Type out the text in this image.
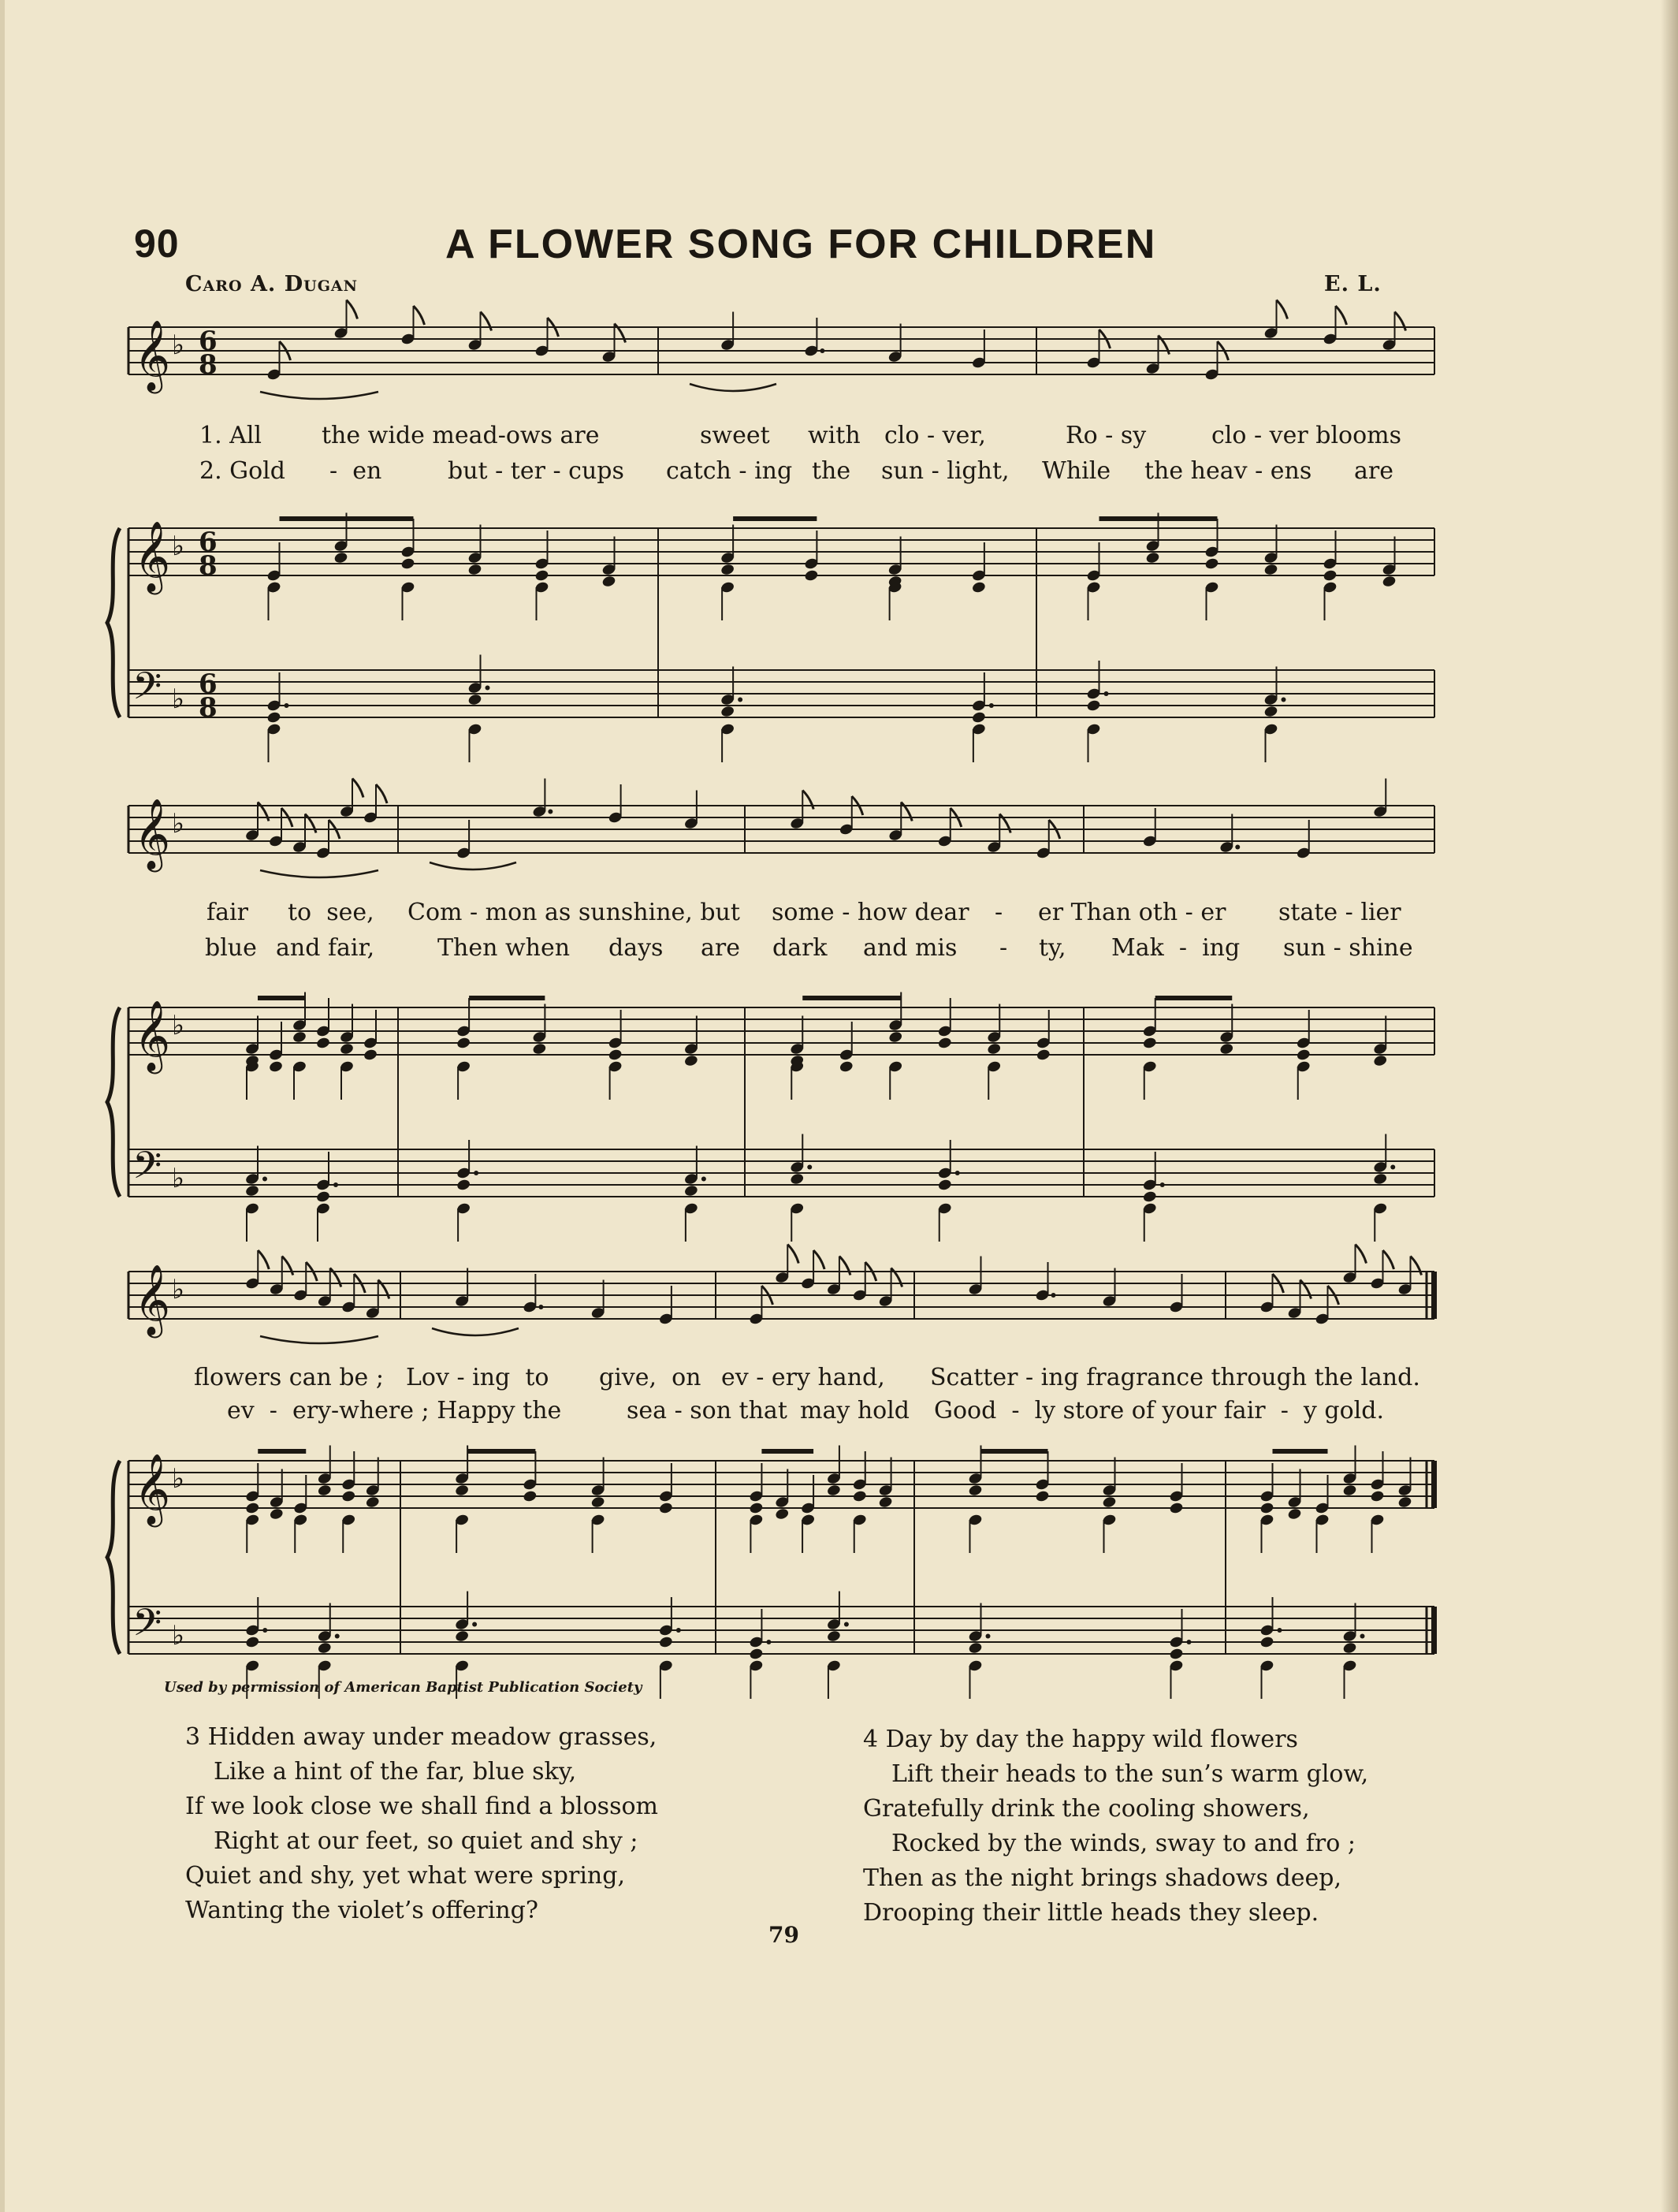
90	A FLOWER SONG FOR CHILDREN
Caro A. Dugan	E. L.
𝄞
𝄞
𝄢
♭
♭
♭
6
8
6
8
6
8
𝄞
𝄞
𝄢
♭
♭
♭
𝄞
𝄞
𝄢
♭
♭
♭
1. All	the wide mead-ows are	sweet with clo - ver,	Ro - sy	clo - ver blooms
2. Gold -  en	but - ter - cups catch - ing the sun - light, While the heav - ens are
fair to  see, Com - mon as sunshine, but some - how dear - er Than oth - er state - lier
blue and fair,	Then when days are dark and mis - ty, Mak  -  ing sun - shine
flowers can be ; Lov - ing  to give,  on ev - ery hand, Scatter - ing fragrance through the land.
ev  -  ery-where ; Happy the	sea - son that may hold Good  -  ly store of your fair  -  y gold.
Used by permission of American Baptist Publication Society
3 Hidden away under meadow grasses,
Like a hint of the far, blue sky,
If we look close we shall find a blossom
Right at our feet, so quiet and shy ;
Quiet and shy, yet what were spring,
Wanting the violet’s offering?
4 Day by day the happy wild flowers
Lift their heads to the sun’s warm glow,
Gratefully drink the cooling showers,
Rocked by the winds, sway to and fro ;
Then as the night brings shadows deep,
Drooping their little heads they sleep.
79
